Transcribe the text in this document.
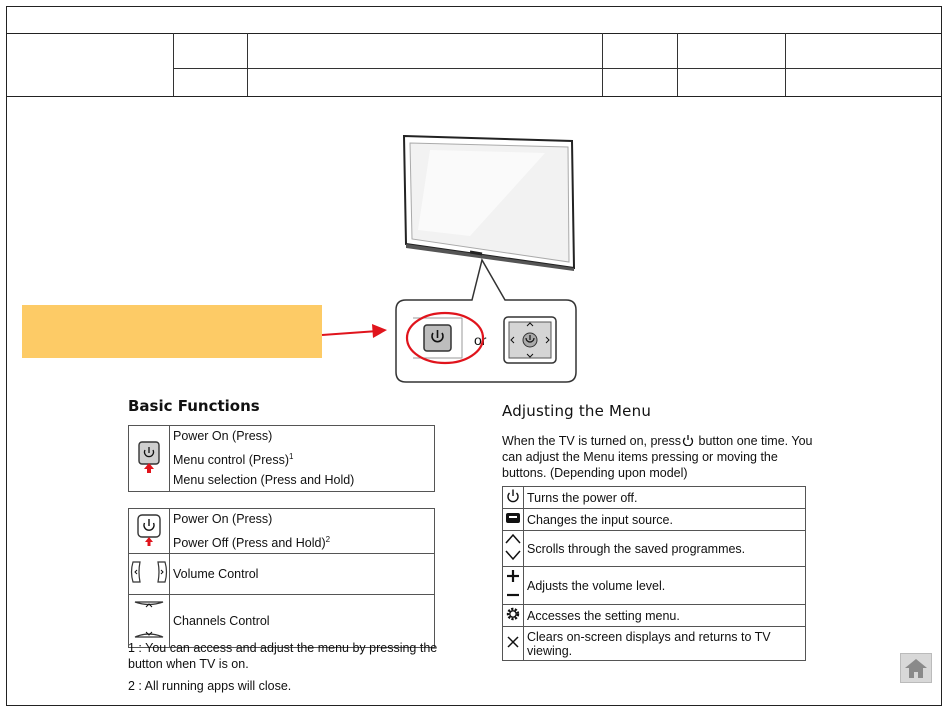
or
Basic Functions

Power On (Press)
Menu control (Press)$^1$
Menu selection (Press and Hold)

Power On (Press)
Power Off (Press and Hold)$^2$

	Volume Control
	Channels Control
1 : You can access and adjust the menu by pressing the button when TV is on.
2 : All running apps will close.
Adjusting the Menu
When the TV is turned on, press button one time. You can adjust the Menu items pressing or moving the buttons. (Depending upon model)
	Turns the power off.
	Changes the input source.
	Scrolls through the saved programmes.
	Adjusts the volume level.
	Accesses the setting menu.
	Clears on-screen displays and returns to TV viewing.
